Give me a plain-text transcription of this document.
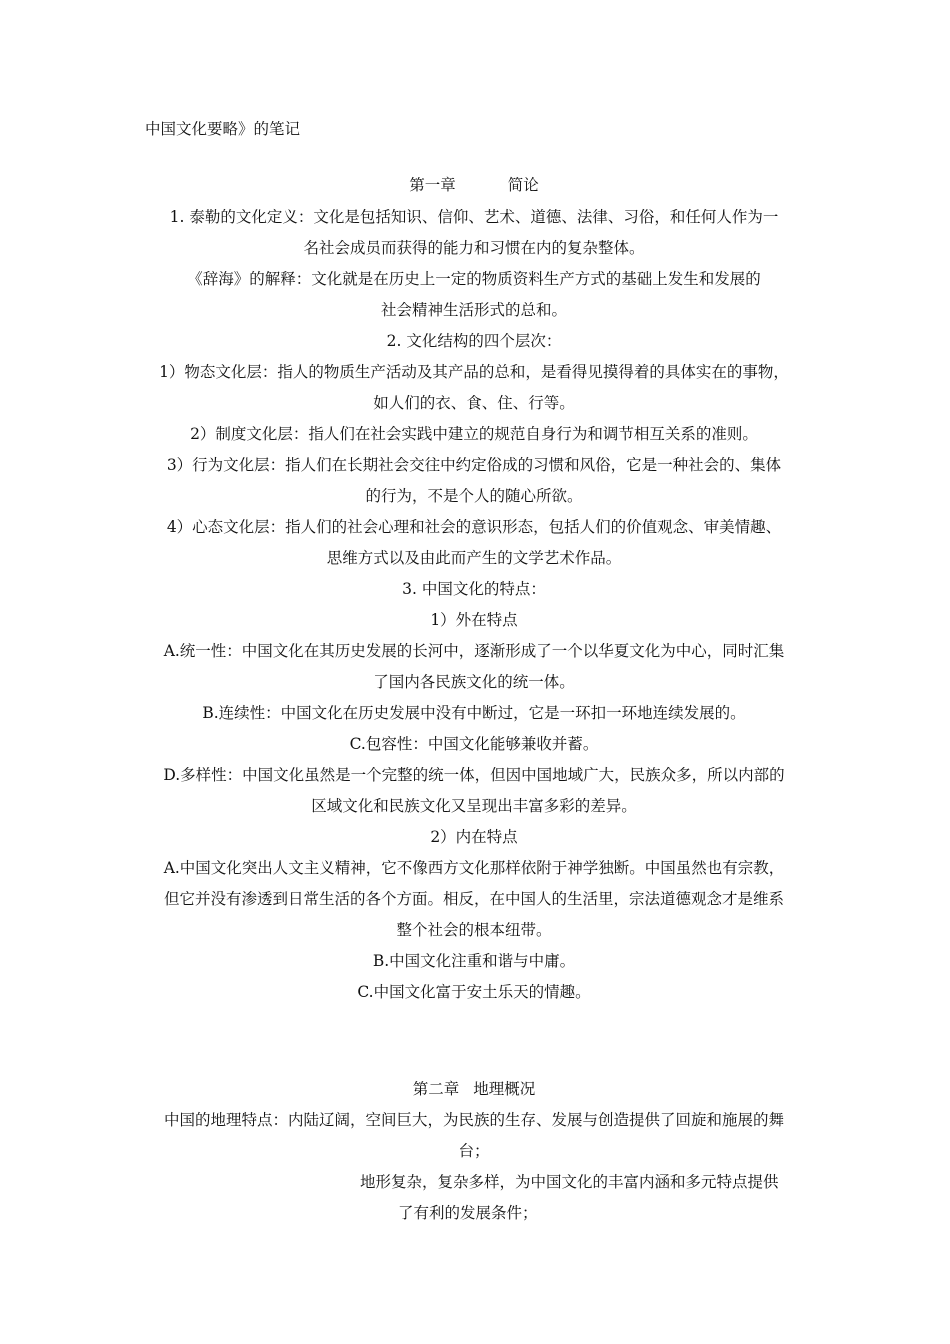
中国文化要略》的笔记
第一章	简论
1. 泰勒的文化定义：文化是包括知识、信仰、艺术、道德、法律、习俗，和任何人作为一
名社会成员而获得的能力和习惯在内的复杂整体。
《辞海》的解释：文化就是在历史上一定的物质资料生产方式的基础上发生和发展的
社会精神生活形式的总和。
2. 文化结构的四个层次：
1）物态文化层：指人的物质生产活动及其产品的总和，是看得见摸得着的具体实在的事物，
如人们的衣、食、住、行等。
2）制度文化层：指人们在社会实践中建立的规范自身行为和调节相互关系的准则。
3）行为文化层：指人们在长期社会交往中约定俗成的习惯和风俗，它是一种社会的、集体
的行为，不是个人的随心所欲。
4）心态文化层：指人们的社会心理和社会的意识形态，包括人们的价值观念、审美情趣、
思维方式以及由此而产生的文学艺术作品。
3. 中国文化的特点：
1）外在特点
A.统一性：中国文化在其历史发展的长河中，逐渐形成了一个以华夏文化为中心，同时汇集
了国内各民族文化的统一体。
B.连续性：中国文化在历史发展中没有中断过，它是一环扣一环地连续发展的。
C.包容性：中国文化能够兼收并蓄。
D.多样性：中国文化虽然是一个完整的统一体，但因中国地域广大，民族众多，所以内部的
区域文化和民族文化又呈现出丰富多彩的差异。
2）内在特点
A.中国文化突出人文主义精神，它不像西方文化那样依附于神学独断。中国虽然也有宗教，
但它并没有渗透到日常生活的各个方面。相反，在中国人的生活里，宗法道德观念才是维系
整个社会的根本纽带。
B.中国文化注重和谐与中庸。
C.中国文化富于安土乐天的情趣。
第二章 地理概况
中国的地理特点：内陆辽阔，空间巨大，为民族的生存、发展与创造提供了回旋和施展的舞
台；
地形复杂，复杂多样，为中国文化的丰富内涵和多元特点提供
了有利的发展条件；
